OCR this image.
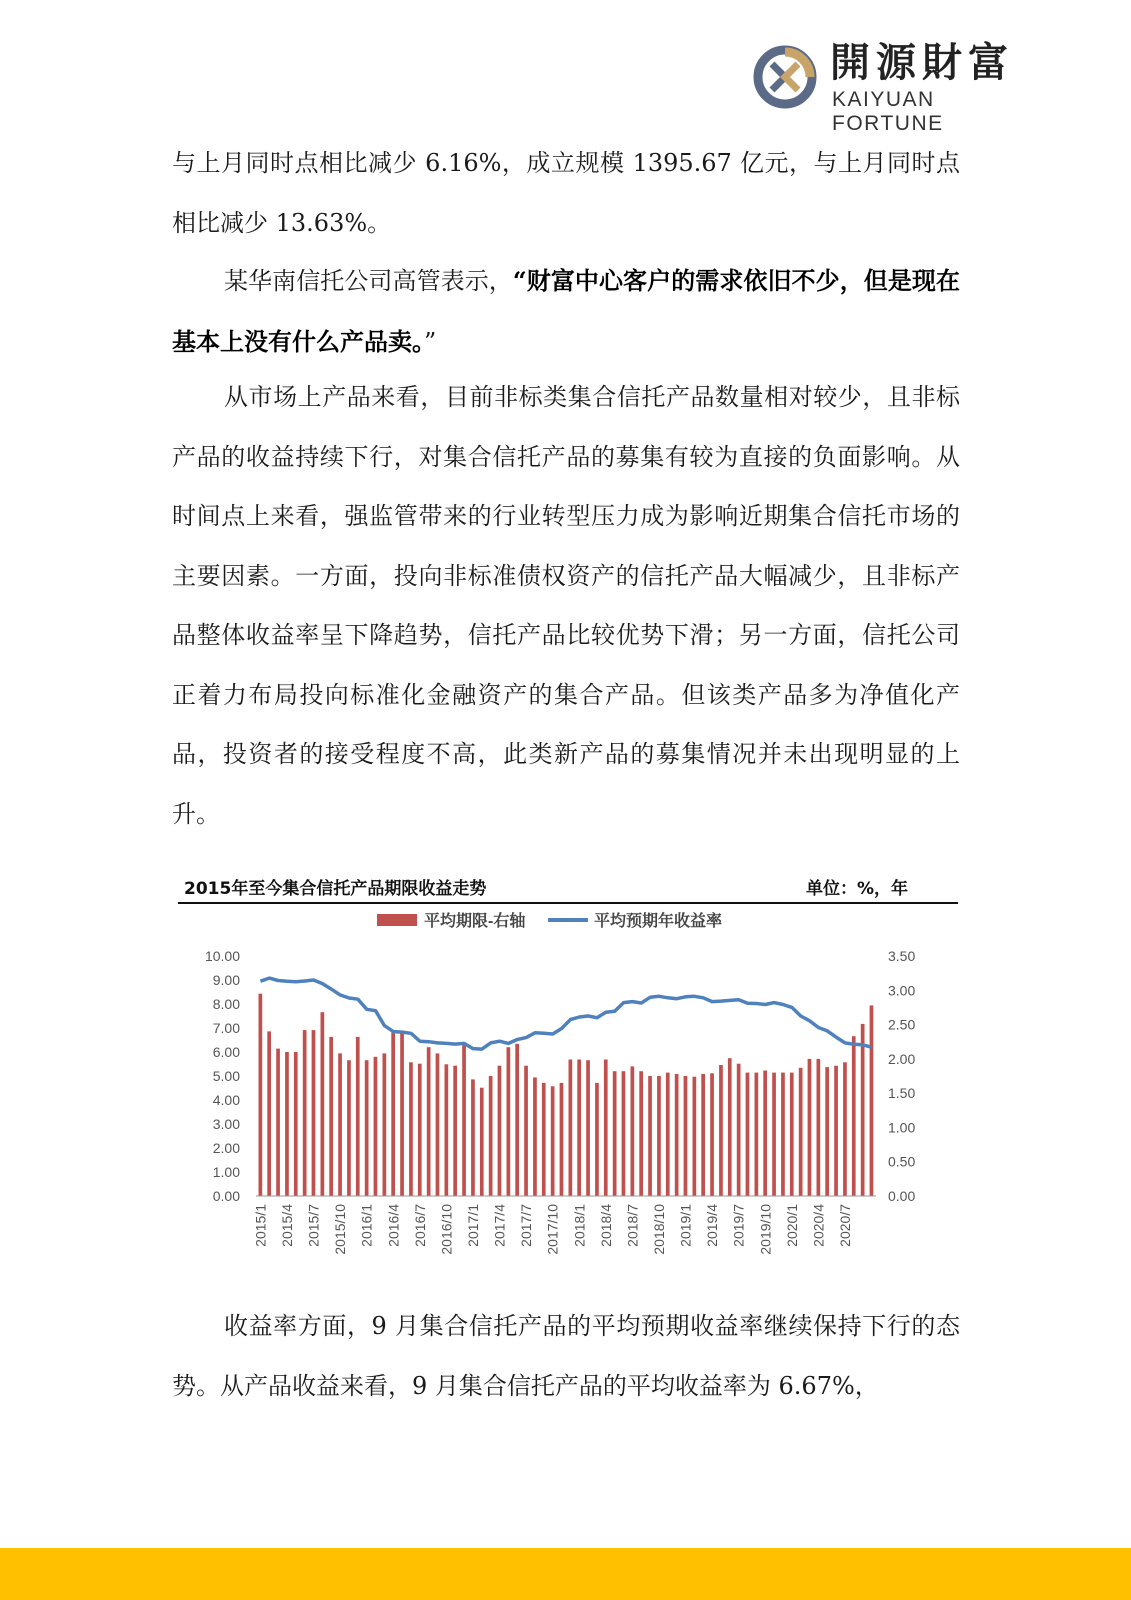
開源財富
KAIYUAN FORTUNE
与上月同时点相比减少 6.16%，成立规模 1395.67 亿元，与上月同时点相比减少 13.63%。
某华南信托公司高管表示，“财富中心客户的需求依旧不少，但是现在基本上没有什么产品卖。”
从市场上产品来看，目前非标类集合信托产品数量相对较少，且非标产品的收益持续下行，对集合信托产品的募集有较为直接的负面影响。从时间点上来看，强监管带来的行业转型压力成为影响近期集合信托市场的主要因素。一方面，投向非标准债权资产的信托产品大幅减少，且非标产品整体收益率呈下降趋势，信托产品比较优势下滑；另一方面，信托公司正着力布局投向标准化金融资产的集合产品。但该类产品多为净值化产品，投资者的接受程度不高，此类新产品的募集情况并未出现明显的上升。
2015年至今集合信托产品期限收益走势	单位：%，年
平均期限-右轴	平均预期年收益率
0.00
1.00
2.00
3.00
4.00
5.00
6.00
7.00
8.00
9.00
10.00
0.00
0.50
1.00
1.50
2.00
2.50
3.00
3.50
2015/1 2015/4 2015/7 2015/10 2016/1 2016/4 2016/7 2016/10 2017/1 2017/4 2017/7 2017/10 2018/1 2018/4 2018/7 2018/10 2019/1 2019/4 2019/7 2019/10 2020/1 2020/4 2020/7
收益率方面，9 月集合信托产品的平均预期收益率继续保持下行的态势。从产品收益来看，9 月集合信托产品的平均收益率为 6.67%，
